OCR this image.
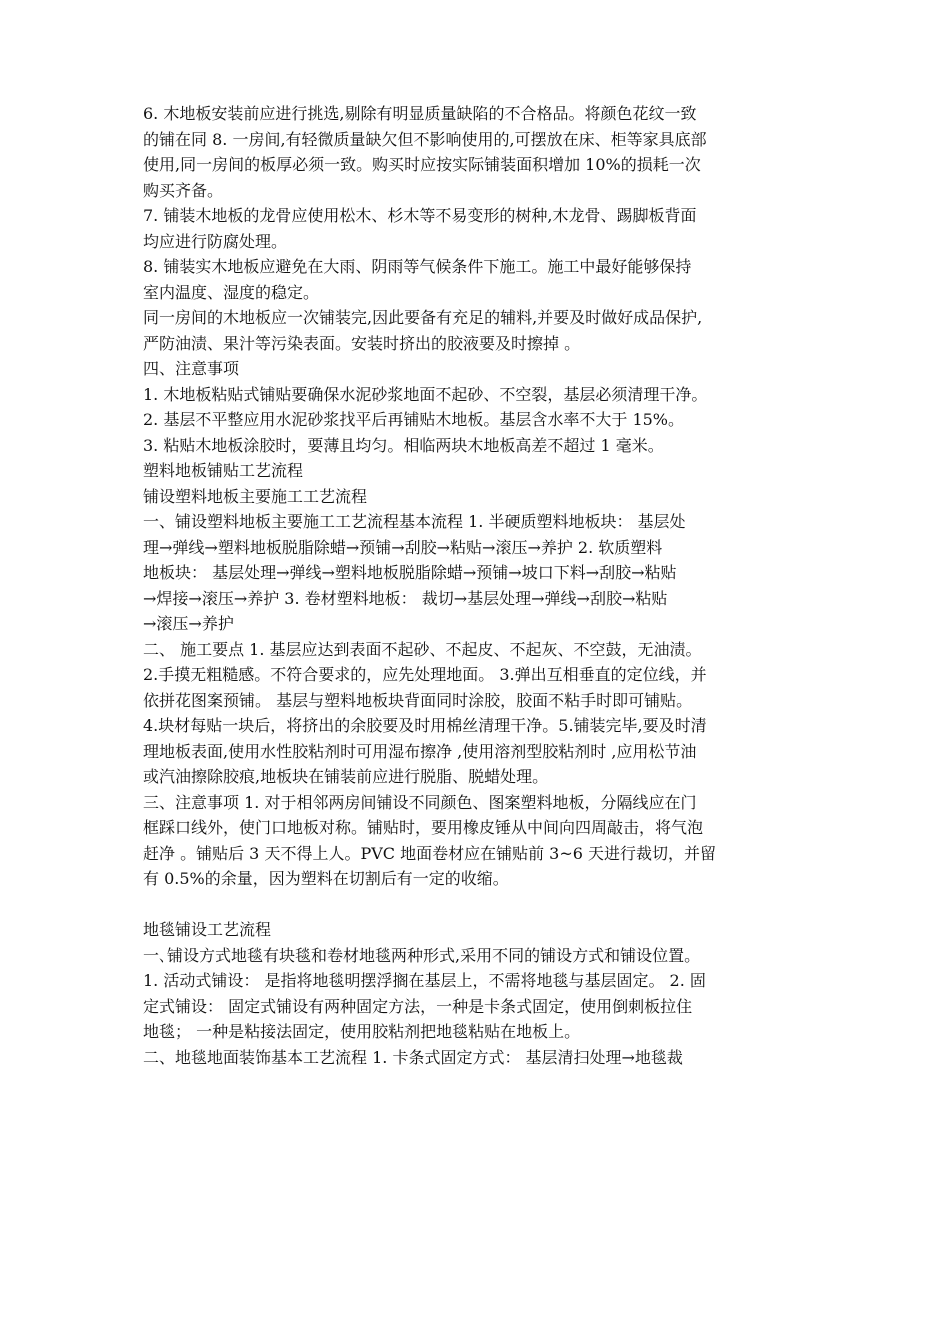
6. 木地板安装前应进行挑选,剔除有明显质量缺陷的不合格品。将颜色花纹一致
的铺在同 8. 一房间,有轻微质量缺欠但不影响使用的,可摆放在床、柜等家具底部
使用,同一房间的板厚必须一致。购买时应按实际铺装面积增加 10%的损耗一次
购买齐备。
7. 铺装木地板的龙骨应使用松木、杉木等不易变形的树种,木龙骨、踢脚板背面
均应进行防腐处理。
8. 铺装实木地板应避免在大雨、阴雨等气候条件下施工。施工中最好能够保持
室内温度、湿度的稳定。
同一房间的木地板应一次铺装完,因此要备有充足的辅料,并要及时做好成品保护,
严防油渍、果汁等污染表面。安装时挤出的胶液要及时擦掉 。
四、注意事项
1. 木地板粘贴式铺贴要确保水泥砂浆地面不起砂、不空裂，基层必须清理干净。
2. 基层不平整应用水泥砂浆找平后再铺贴木地板。基层含水率不大于 15%。
3. 粘贴木地板涂胶时，要薄且均匀。相临两块木地板高差不超过 1 毫米。
塑料地板铺贴工艺流程
铺设塑料地板主要施工工艺流程
一、铺设塑料地板主要施工工艺流程基本流程 1. 半硬质塑料地板块： 基层处
理→弹线→塑料地板脱脂除蜡→预铺→刮胶→粘贴→滚压→养护 2. 软质塑料
地板块： 基层处理→弹线→塑料地板脱脂除蜡→预铺→坡口下料→刮胶→粘贴
→焊接→滚压→养护 3. 卷材塑料地板： 裁切→基层处理→弹线→刮胶→粘贴
→滚压→养护
二、 施工要点 1. 基层应达到表面不起砂、不起皮、不起灰、不空鼓，无油渍。
2.手摸无粗糙感。不符合要求的，应先处理地面。 3.弹出互相垂直的定位线，并
依拼花图案预铺。 基层与塑料地板块背面同时涂胶，胶面不粘手时即可铺贴。
4.块材每贴一块后，将挤出的余胶要及时用棉丝清理干净。5.铺装完毕,要及时清
理地板表面,使用水性胶粘剂时可用湿布擦净 ,使用溶剂型胶粘剂时 ,应用松节油
或汽油擦除胶痕,地板块在铺装前应进行脱脂、脱蜡处理。
三、注意事项 1. 对于相邻两房间铺设不同颜色、图案塑料地板，分隔线应在门
框踩口线外，使门口地板对称。铺贴时，要用橡皮锤从中间向四周敲击，将气泡
赶净 。铺贴后 3 天不得上人。PVC 地面卷材应在铺贴前 3~6 天进行裁切，并留
有 0.5%的余量，因为塑料在切割后有一定的收缩。
地毯铺设工艺流程
一､铺设方式地毯有块毯和卷材地毯两种形式,采用不同的铺设方式和铺设位置。
1. 活动式铺设： 是指将地毯明摆浮搁在基层上，不需将地毯与基层固定。 2. 固
定式铺设： 固定式铺设有两种固定方法，一种是卡条式固定，使用倒刺板拉住
地毯； 一种是粘接法固定，使用胶粘剂把地毯粘贴在地板上。
二、地毯地面装饰基本工艺流程 1. 卡条式固定方式： 基层清扫处理→地毯裁
